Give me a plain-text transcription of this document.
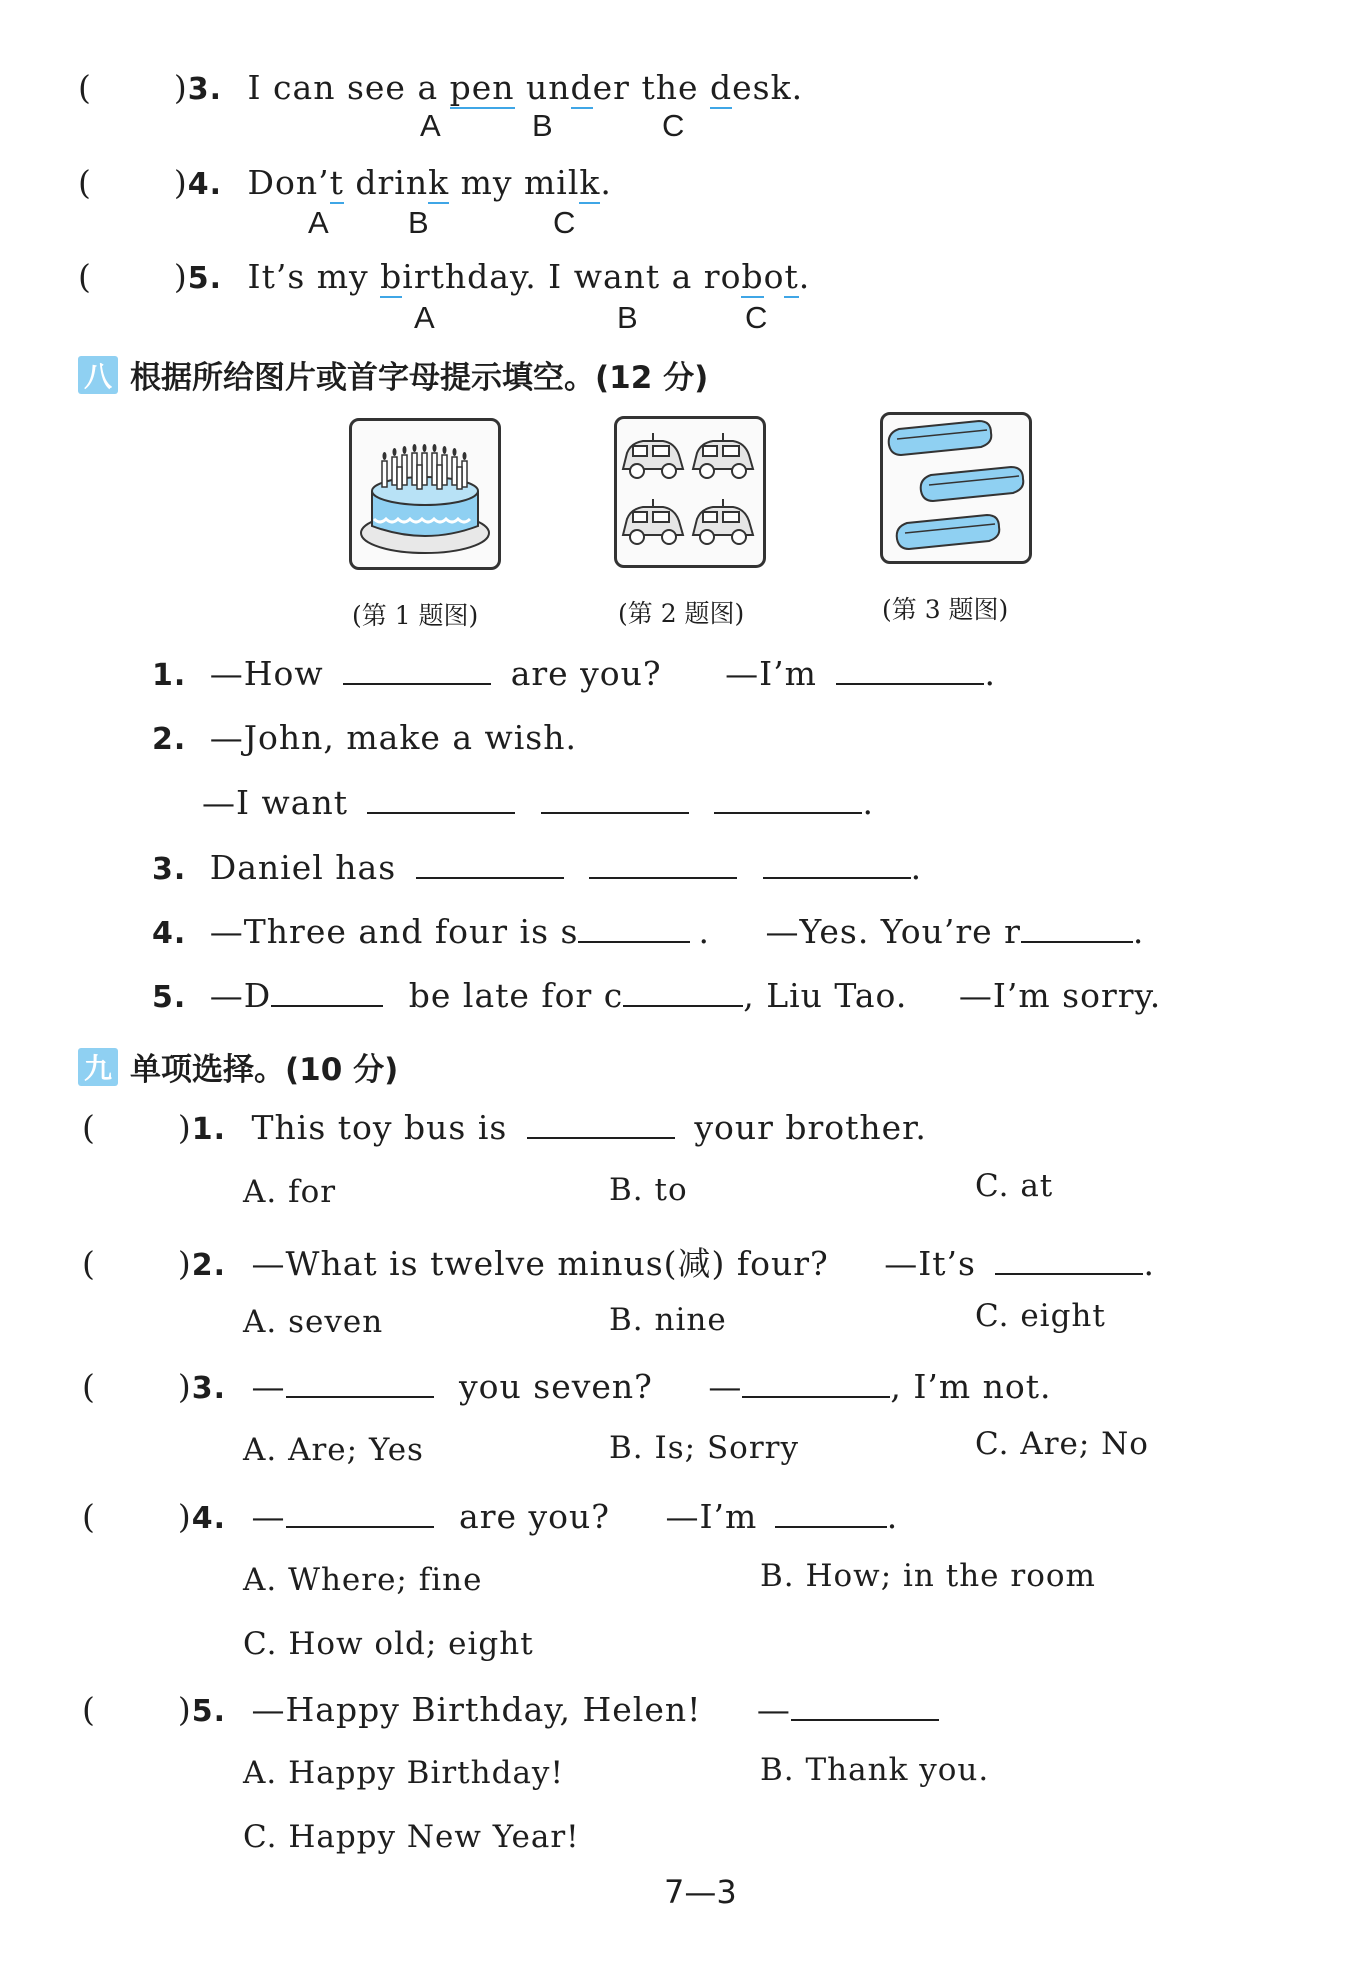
( )3. I can see a pen under the desk.
A	B	C
( )4. Don’t drink my milk.
A	B	C
( )5. It’s my birthday. I want a robot.
A	B	C
八 根据所给图片或首字母提示填空。(12 分)
(第 1 题图)	(第 2 题图)	(第 3 题图)
1. —How	are you? —I’m	.
2. —John, make a wish.
—I want	.
3. Daniel has	.
4. —Three and four is s	. —Yes. You’re r	.
5. —D	be late for c	, Liu Tao. —I’m sorry.
九 单项选择。(10 分)
( )1. This toy bus is	your brother.
A. for	B. to	C. at
( )2. —What is twelve minus(减) four? —It’s	.
A. seven	B. nine	C. eight
( )3. —	you seven? —	, I’m not.
A. Are; Yes	B. Is; Sorry	C. Are; No
( )4. —	are you? —I’m	.
A. Where; fine	B. How; in the room
C. How old; eight
( )5. —Happy Birthday, Helen! —
A. Happy Birthday!	B. Thank you.
C. Happy New Year!
7—3
